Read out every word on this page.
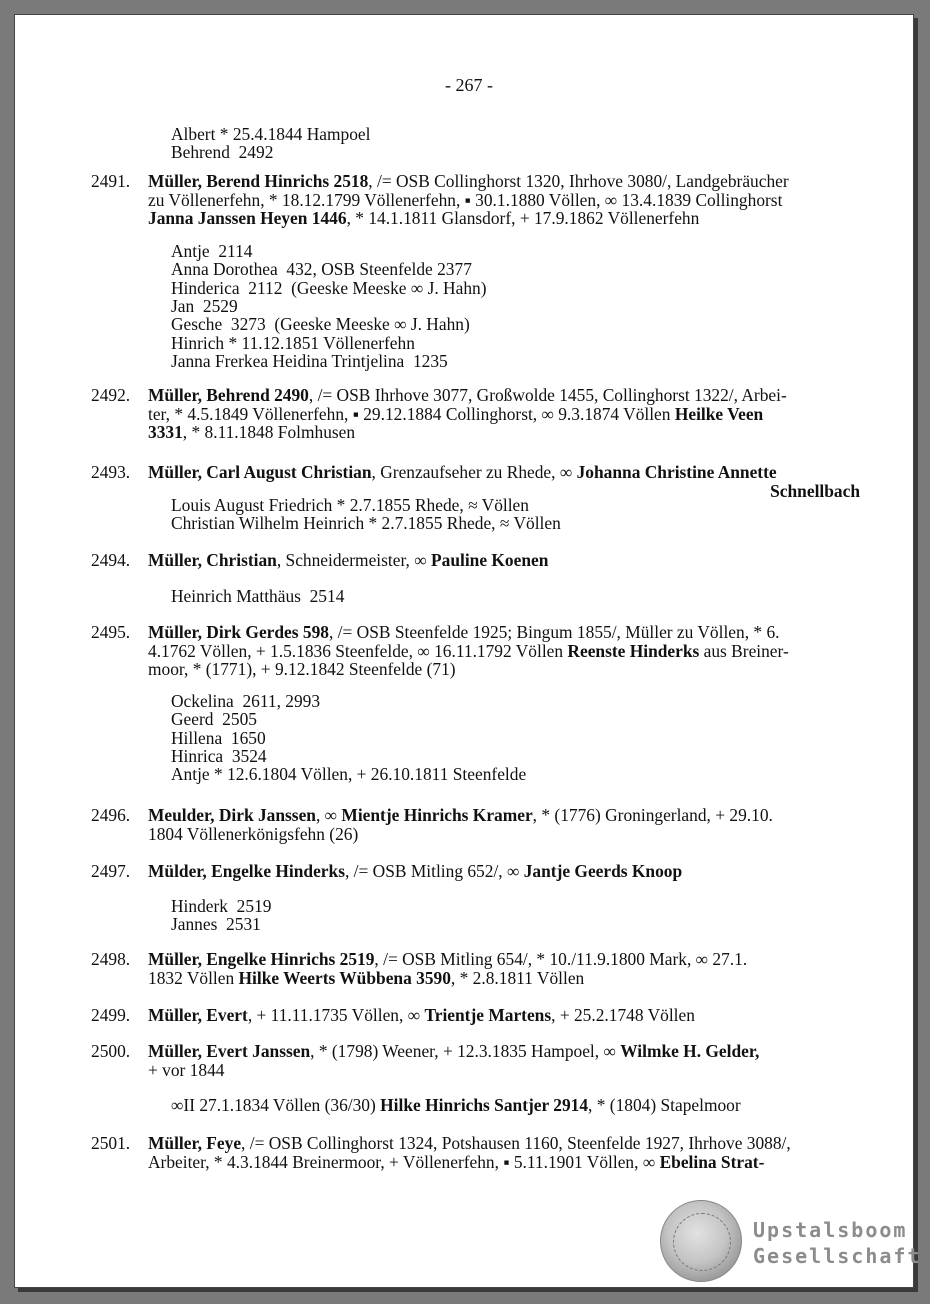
- 267 -
Albert * 25.4.1844 Hampoel
Behrend  2492
2491. Müller, Berend Hinrichs 2518, /= OSB Collinghorst 1320, Ihrhove 3080/, Landgebräucher
zu Völlenerfehn, * 18.12.1799 Völlenerfehn, ▪ 30.1.1880 Völlen, ∞ 13.4.1839 Collinghorst
Janna Janssen Heyen 1446, * 14.1.1811 Glansdorf, + 17.9.1862 Völlenerfehn
Antje  2114
Anna Dorothea  432, OSB Steenfelde 2377
Hinderica  2112  (Geeske Meeske ∞ J. Hahn)
Jan  2529
Gesche  3273  (Geeske Meeske ∞ J. Hahn)
Hinrich * 11.12.1851 Völlenerfehn
Janna Frerkea Heidina Trintjelina  1235
2492. Müller, Behrend 2490, /= OSB Ihrhove 3077, Großwolde 1455, Collinghorst 1322/, Arbei-
ter, * 4.5.1849 Völlenerfehn, ▪ 29.12.1884 Collinghorst, ∞ 9.3.1874 Völlen Heilke Veen
3331, * 8.11.1848 Folmhusen
2493. Müller, Carl August Christian, Grenzaufseher zu Rhede, ∞ Johanna Christine Annette
Schnellbach
Louis August Friedrich * 2.7.1855 Rhede, ≈ Völlen
Christian Wilhelm Heinrich * 2.7.1855 Rhede, ≈ Völlen
2494. Müller, Christian, Schneidermeister, ∞ Pauline Koenen
Heinrich Matthäus  2514
2495. Müller, Dirk Gerdes 598, /= OSB Steenfelde 1925; Bingum 1855/, Müller zu Völlen, * 6.
4.1762 Völlen, + 1.5.1836 Steenfelde, ∞ 16.11.1792 Völlen Reenste Hinderks aus Breiner-
moor, * (1771), + 9.12.1842 Steenfelde (71)
Ockelina  2611, 2993
Geerd  2505
Hillena  1650
Hinrica  3524
Antje * 12.6.1804 Völlen, + 26.10.1811 Steenfelde
2496. Meulder, Dirk Janssen, ∞ Mientje Hinrichs Kramer, * (1776) Groningerland, + 29.10.
1804 Völlenerkönigsfehn (26)
2497. Mülder, Engelke Hinderks, /= OSB Mitling 652/, ∞ Jantje Geerds Knoop
Hinderk  2519
Jannes  2531
2498. Müller, Engelke Hinrichs 2519, /= OSB Mitling 654/, * 10./11.9.1800 Mark, ∞ 27.1.
1832 Völlen Hilke Weerts Wübbena 3590, * 2.8.1811 Völlen
2499. Müller, Evert, + 11.11.1735 Völlen, ∞ Trientje Martens, + 25.2.1748 Völlen
2500. Müller, Evert Janssen, * (1798) Weener, + 12.3.1835 Hampoel, ∞ Wilmke H. Gelder,
+ vor 1844
∞II 27.1.1834 Völlen (36/30) Hilke Hinrichs Santjer 2914, * (1804) Stapelmoor
2501. Müller, Feye, /= OSB Collinghorst 1324, Potshausen 1160, Steenfelde 1927, Ihrhove 3088/,
Arbeiter, * 4.3.1844 Breinermoor, + Völlenerfehn, ▪ 5.11.1901 Völlen, ∞ Ebelina Strat-
Upstalsboom
Gesellschaft
